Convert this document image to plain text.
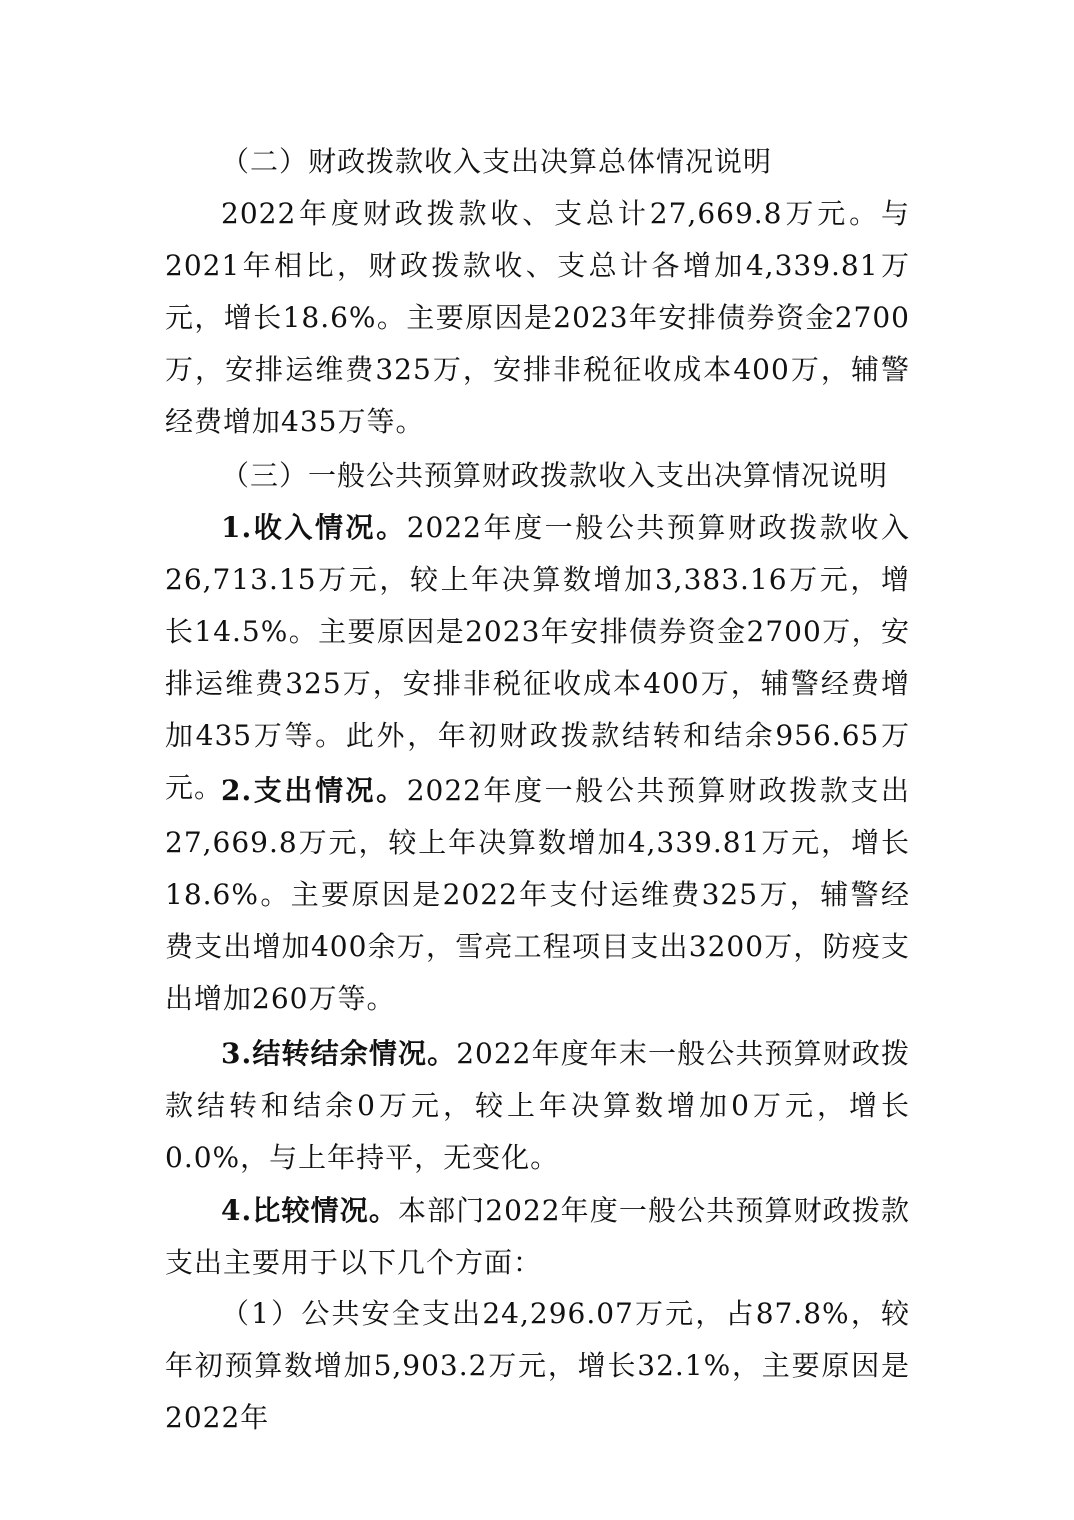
（二）财政拨款收入支出决算总体情况说明

2022年度财政拨款收、支总计27,669.8万元。与2021年相比，财政拨款收、支总计各增加4,339.81万元，增长18.6%。主要原因是2023年安排债券资金2700万，安排运维费325万，安排非税征收成本400万，辅警经费增加435万等。

（三）一般公共预算财政拨款收入支出决算情况说明

1.收入情况。2022年度一般公共预算财政拨款收入26,713.15万元，较上年决算数增加3,383.16万元，增长14.5%。主要原因是2023年安排债券资金2700万，安排运维费325万，安排非税征收成本400万，辅警经费增加435万等。此外，年初财政拨款结转和结余956.65万元。

2.支出情况。2022年度一般公共预算财政拨款支出27,669.8万元，较上年决算数增加4,339.81万元，增长18.6%。主要原因是2022年支付运维费325万，辅警经费支出增加400余万，雪亮工程项目支出3200万，防疫支出增加260万等。

3.结转结余情况。2022年度年末一般公共预算财政拨款结转和结余0万元，较上年决算数增加0万元，增长0.0%，与上年持平，无变化。

4.比较情况。本部门2022年度一般公共预算财政拨款支出主要用于以下几个方面：

（1）公共安全支出24,296.07万元，占87.8%，较年初预算数增加5,903.2万元，增长32.1%，主要原因是2022年
